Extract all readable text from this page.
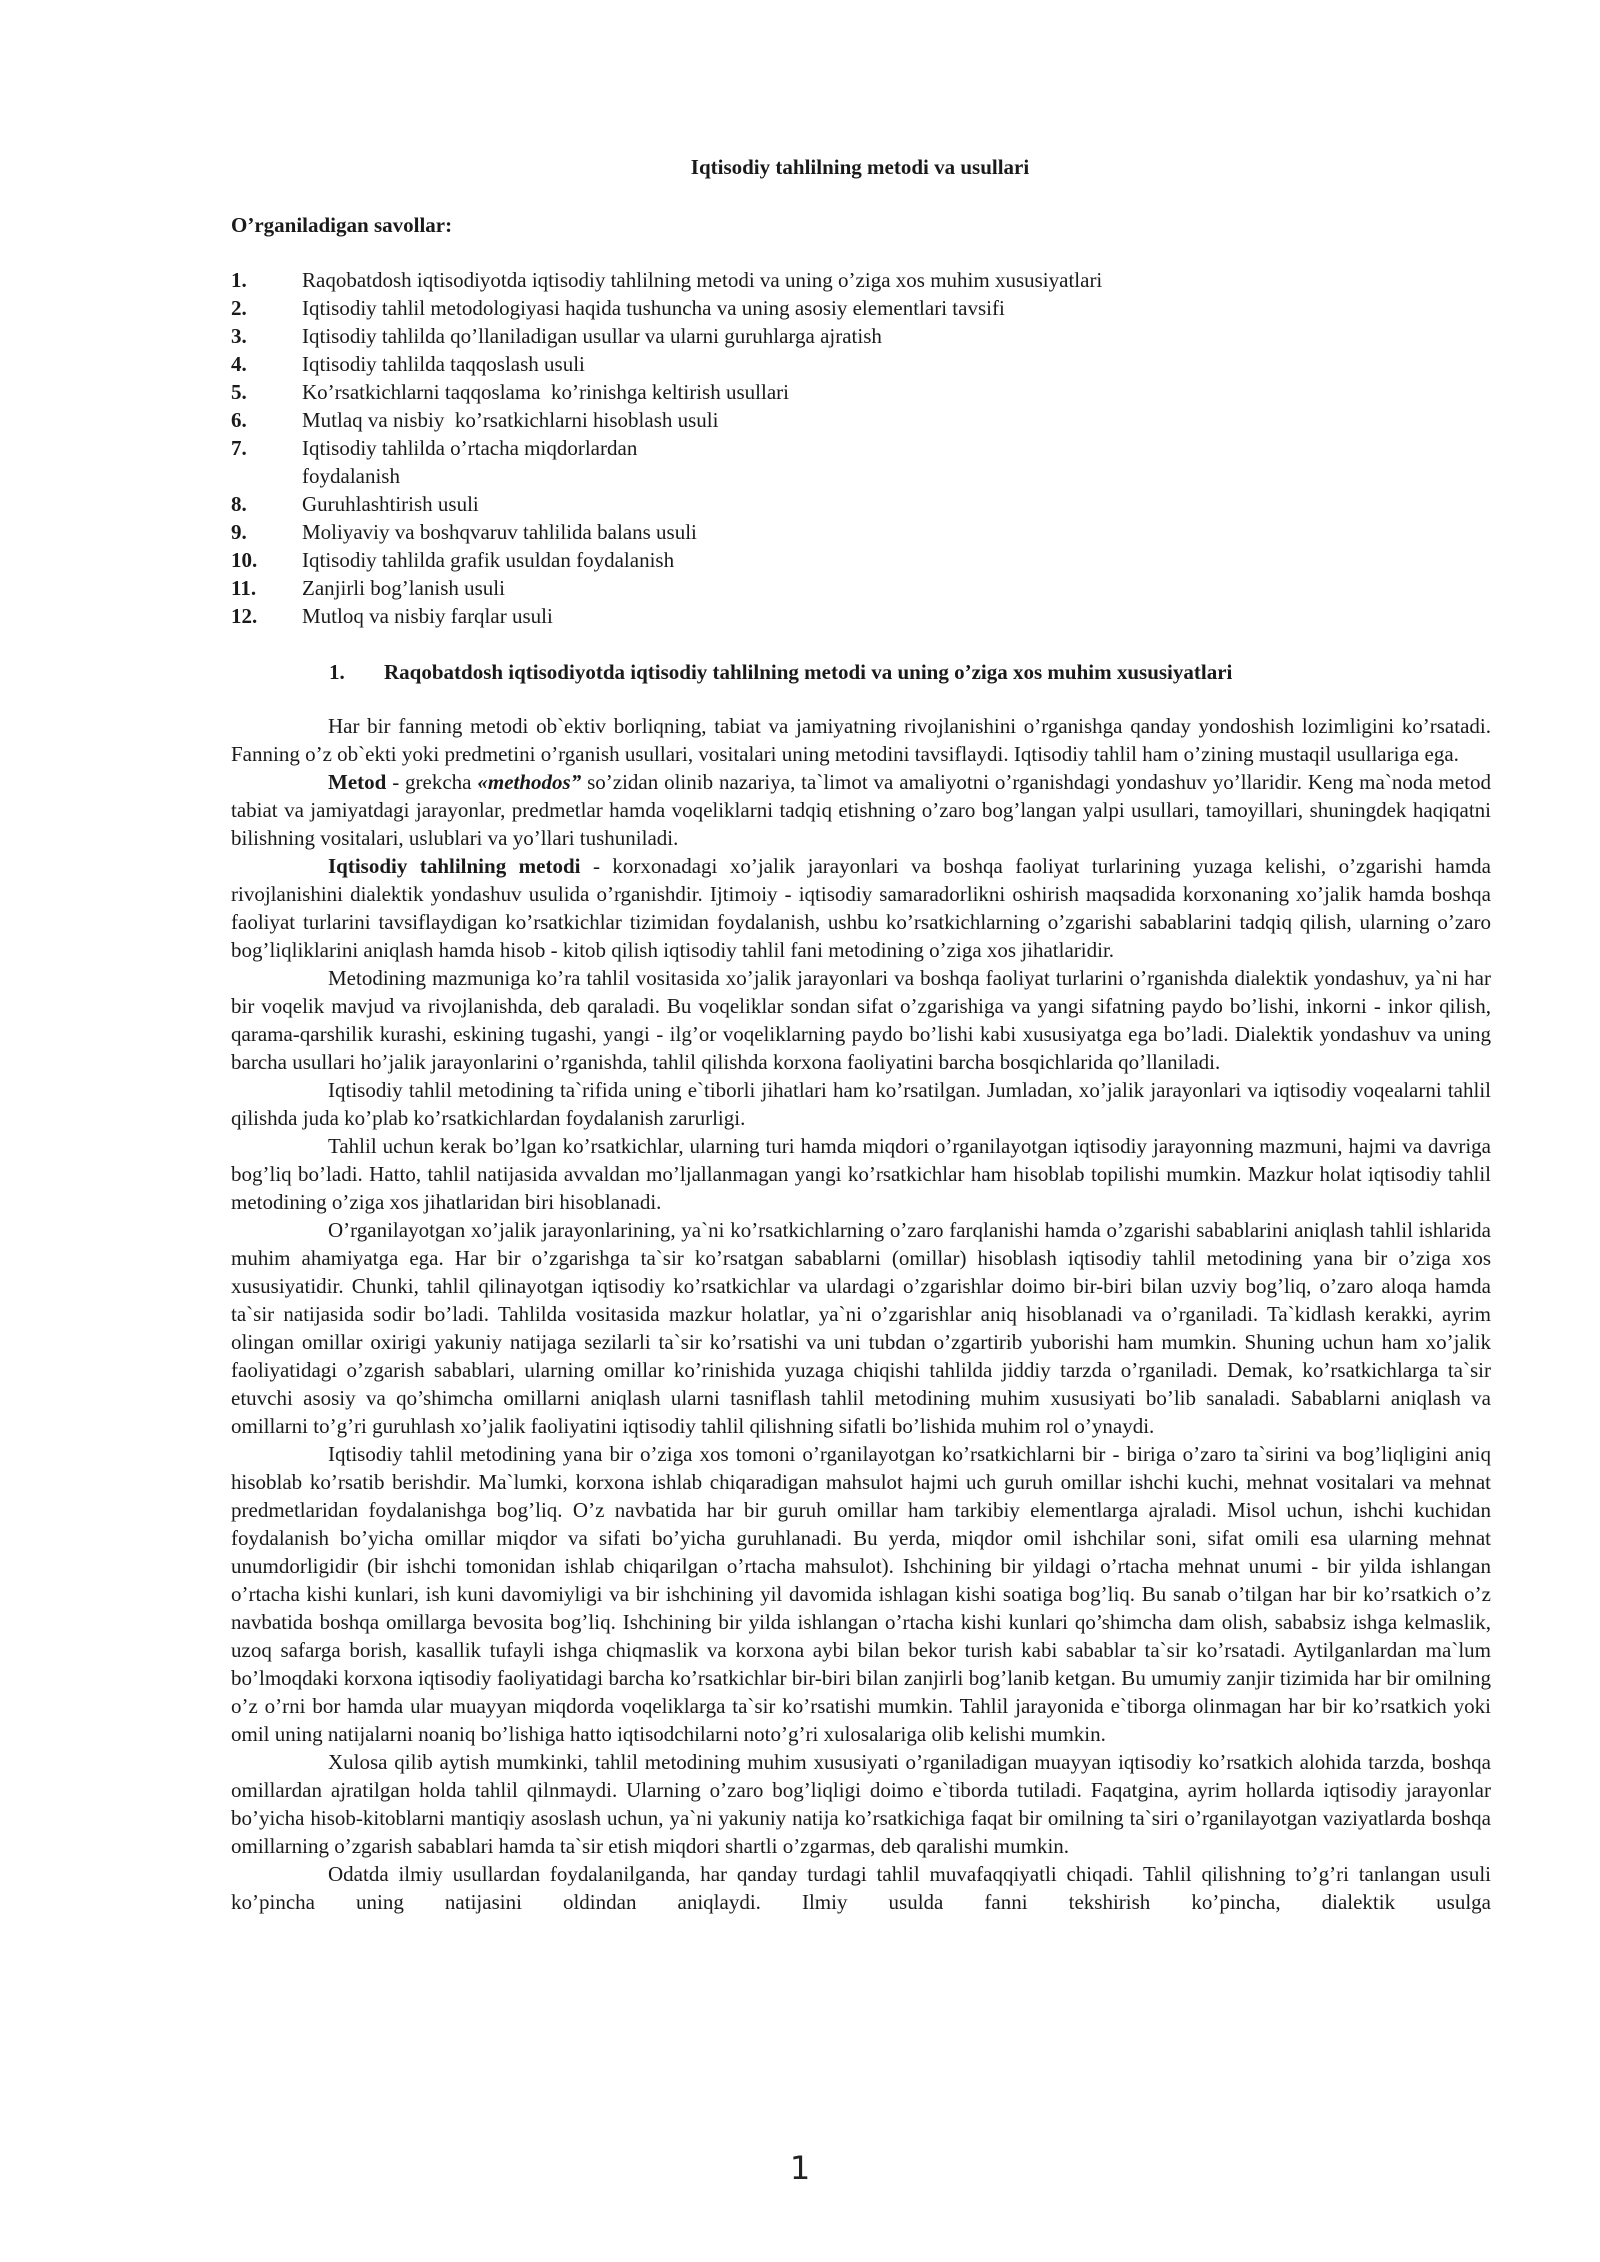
Iqtisodiy tahlilning metodi va usullari
O’rganiladigan savollar:
1.	Raqobatdosh iqtisodiyotda iqtisodiy tahlilning metodi va uning o’ziga xos muhim xususiyatlari
2.	Iqtisodiy tahlil metodologiyasi haqida tushuncha va uning asosiy elementlari tavsifi
3.	Iqtisodiy tahlilda qo’llaniladigan usullar va ularni guruhlarga ajratish
4.	Iqtisodiy tahlilda taqqoslash usuli
5.	Ko’rsatkichlarni taqqoslama  ko’rinishga keltirish usullari
6.	Mutlaq va nisbiy  ko’rsatkichlarni hisoblash usuli
7.	Iqtisodiy tahlilda o’rtacha miqdorlardan foydalanish
8.	Guruhlashtirish usuli
9.	Moliyaviy va boshqvaruv tahlilida balans usuli
10.	Iqtisodiy tahlilda grafik usuldan foydalanish
11.	Zanjirli bog’lanish usuli
12.	Mutloq va nisbiy farqlar usuli
1.	Raqobatdosh iqtisodiyotda iqtisodiy tahlilning metodi va uning o’ziga xos muhim xususiyatlari

Har bir fanning metodi ob`ektiv borliqning, tabiat va jamiyatning rivojlanishini o’rganishga qanday yondoshish lozimligini ko’rsatadi. Fanning o’z ob`ekti yoki predmetini o’rganish usullari, vositalari uning metodini tavsiflaydi. Iqtisodiy tahlil ham o’zining mustaqil usullariga ega.

Metod - grekcha «methodos” so’zidan olinib nazariya, ta`limot va amaliyotni o’rganishdagi yondashuv yo’llaridir. Keng ma`noda metod tabiat va jamiyatdagi jarayonlar, predmetlar hamda voqeliklarni tadqiq etishning o’zaro bog’langan yalpi usullari, tamoyillari, shuningdek haqiqatni bilishning vositalari, uslublari va yo’llari tushuniladi.

Iqtisodiy tahlilning metodi - korxonadagi xo’jalik jarayonlari va boshqa faoliyat turlarining yuzaga kelishi, o’zgarishi hamda rivojlanishini dialektik yondashuv usulida o’rganishdir. Ijtimoiy - iqtisodiy samaradorlikni oshirish maqsadida korxonaning xo’jalik hamda boshqa faoliyat turlarini tavsiflaydigan ko’rsatkichlar tizimidan foydalanish, ushbu ko’rsatkichlarning o’zgarishi sabablarini tadqiq qilish, ularning o’zaro bog’liqliklarini aniqlash hamda hisob - kitob qilish iqtisodiy tahlil fani metodining o’ziga xos jihatlaridir.

Metodining mazmuniga ko’ra tahlil vositasida xo’jalik jarayonlari va boshqa faoliyat turlarini o’rganishda dialektik yondashuv, ya`ni har bir voqelik mavjud va rivojlanishda, deb qaraladi. Bu voqeliklar sondan sifat o’zgarishiga va yangi sifatning paydo bo’lishi, inkorni - inkor qilish, qarama-qarshilik kurashi, eskining tugashi, yangi - ilg’or voqeliklarning paydo bo’lishi kabi xususiyatga ega bo’ladi. Dialektik yondashuv va uning barcha usullari ho’jalik jarayonlarini o’rganishda, tahlil qilishda korxona faoliyatini barcha bosqichlarida qo’llaniladi.

Iqtisodiy tahlil metodining ta`rifida uning e`tiborli jihatlari ham ko’rsatilgan. Jumladan, xo’jalik jarayonlari va iqtisodiy voqealarni tahlil qilishda juda ko’plab ko’rsatkichlardan foydalanish zarurligi.

Tahlil uchun kerak bo’lgan ko’rsatkichlar, ularning turi hamda miqdori o’rganilayotgan iqtisodiy jarayonning mazmuni, hajmi va davriga bog’liq bo’ladi. Hatto, tahlil natijasida avvaldan mo’ljallanmagan yangi ko’rsatkichlar ham hisoblab topilishi mumkin. Mazkur holat iqtisodiy tahlil metodining o’ziga xos jihatlaridan biri hisoblanadi.

O’rganilayotgan xo’jalik jarayonlarining, ya`ni ko’rsatkichlarning o’zaro farqlanishi hamda o’zgarishi sabablarini aniqlash tahlil ishlarida muhim ahamiyatga ega. Har bir o’zgarishga ta`sir ko’rsatgan sabablarni (omillar) hisoblash iqtisodiy tahlil metodining yana bir o’ziga xos xususiyatidir. Chunki, tahlil qilinayotgan iqtisodiy ko’rsatkichlar va ulardagi o’zgarishlar doimo bir-biri bilan uzviy bog’liq, o’zaro aloqa hamda ta`sir natijasida sodir bo’ladi. Tahlilda vositasida mazkur holatlar, ya`ni o’zgarishlar aniq hisoblanadi va o’rganiladi. Ta`kidlash kerakki, ayrim olingan omillar oxirigi yakuniy natijaga sezilarli ta`sir ko’rsatishi va uni tubdan o’zgartirib yuborishi ham mumkin. Shuning uchun ham xo’jalik faoliyatidagi o’zgarish sabablari, ularning omillar ko’rinishida yuzaga chiqishi tahlilda jiddiy tarzda o’rganiladi. Demak, ko’rsatkichlarga ta`sir etuvchi asosiy va qo’shimcha omillarni aniqlash ularni tasniflash tahlil metodining muhim xususiyati bo’lib sanaladi. Sabablarni aniqlash va omillarni to’g’ri guruhlash xo’jalik faoliyatini iqtisodiy tahlil qilishning sifatli bo’lishida muhim rol o’ynaydi.

Iqtisodiy tahlil metodining yana bir o’ziga xos tomoni o’rganilayotgan ko’rsatkichlarni bir - biriga o’zaro ta`sirini va bog’liqligini aniq hisoblab ko’rsatib berishdir. Ma`lumki, korxona ishlab chiqaradigan mahsulot hajmi uch guruh omillar ishchi kuchi, mehnat vositalari va mehnat predmetlaridan foydalanishga bog’liq. O’z navbatida har bir guruh omillar ham tarkibiy elementlarga ajraladi. Misol uchun, ishchi kuchidan foydalanish bo’yicha omillar miqdor va sifati bo’yicha guruhlanadi. Bu yerda, miqdor omil ishchilar soni, sifat omili esa ularning mehnat unumdorligidir (bir ishchi tomonidan ishlab chiqarilgan o’rtacha mahsulot). Ishchining bir yildagi o’rtacha mehnat unumi - bir yilda ishlangan o’rtacha kishi kunlari, ish kuni davomiyligi va bir ishchining yil davomida ishlagan kishi soatiga bog’liq. Bu sanab o’tilgan har bir ko’rsatkich o’z navbatida boshqa omillarga bevosita bog’liq. Ishchining bir yilda ishlangan o’rtacha kishi kunlari qo’shimcha dam olish, sababsiz ishga kelmaslik, uzoq safarga borish, kasallik tufayli ishga chiqmaslik va korxona aybi bilan bekor turish kabi sabablar ta`sir ko’rsatadi. Aytilganlardan ma`lum bo’lmoqdaki korxona iqtisodiy faoliyatidagi barcha ko’rsatkichlar bir-biri bilan zanjirli bog’lanib ketgan. Bu umumiy zanjir tizimida har bir omilning o’z o’rni bor hamda ular muayyan miqdorda voqeliklarga ta`sir ko’rsatishi mumkin. Tahlil jarayonida e`tiborga olinmagan har bir ko’rsatkich yoki omil uning natijalarni noaniq bo’lishiga hatto iqtisodchilarni noto’g’ri xulosalariga olib kelishi mumkin.

Xulosa qilib aytish mumkinki, tahlil metodining muhim xususiyati o’rganiladigan muayyan iqtisodiy ko’rsatkich alohida tarzda, boshqa omillardan ajratilgan holda tahlil qilnmaydi. Ularning o’zaro bog’liqligi doimo e`tiborda tutiladi. Faqatgina, ayrim hollarda iqtisodiy jarayonlar bo’yicha hisob-kitoblarni mantiqiy asoslash uchun, ya`ni yakuniy natija ko’rsatkichiga faqat bir omilning ta`siri o’rganilayotgan vaziyatlarda boshqa omillarning o’zgarish sabablari hamda ta`sir etish miqdori shartli o’zgarmas, deb qaralishi mumkin.

Odatda ilmiy usullardan foydalanilganda, har qanday turdagi tahlil muvafaqqiyatli chiqadi. Tahlil qilishning to’g’ri tanlangan usuli ko’pincha uning natijasini oldindan aniqlaydi. Ilmiy usulda fanni tekshirish ko’pincha, dialektik usulga

1
